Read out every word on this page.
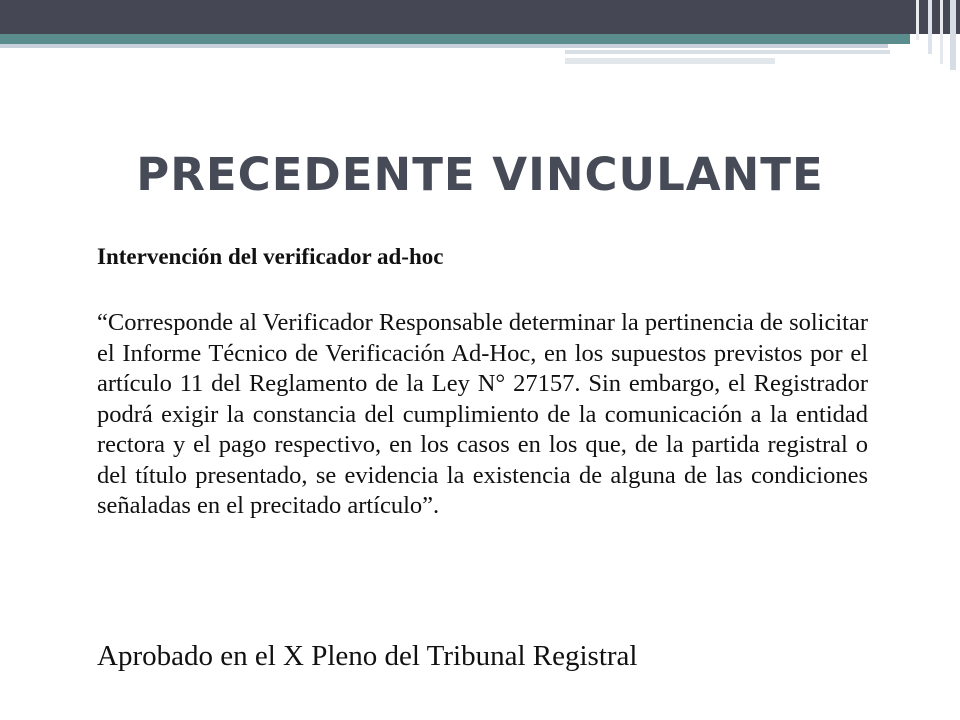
PRECEDENTE VINCULANTE
Intervención del verificador ad-hoc

“Corresponde al Verificador Responsable determinar la pertinencia de solicitar el Informe Técnico de Verificación Ad-Hoc, en los supuestos previstos por el artículo 11 del Reglamento de la Ley N° 27157. Sin embargo, el Registrador podrá exigir la constancia del cumplimiento de la comunicación a la entidad rectora y el pago respectivo, en los casos en los que, de la partida registral o del título presentado, se evidencia la existencia de alguna de las condiciones señaladas en el precitado artículo”.

Aprobado en el X Pleno del Tribunal Registral
